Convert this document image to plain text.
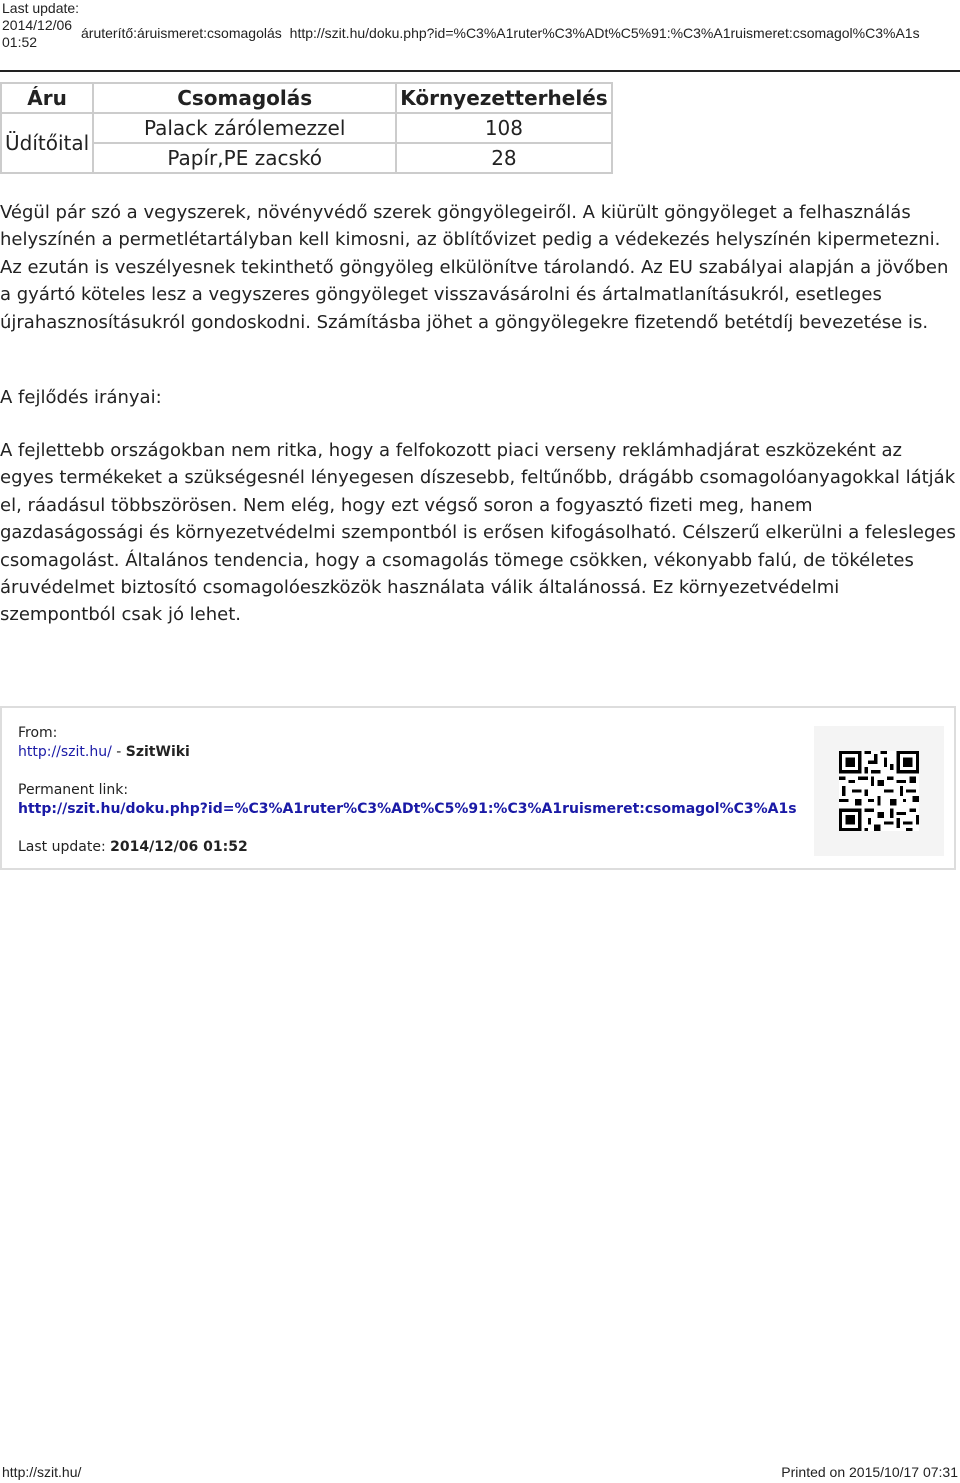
Last update:
2014/12/06
01:52
áruterítő:áruismeret:csomagolás http://szit.hu/doku.php?id=%C3%A1ruter%C3%ADt%C5%91:%C3%A1ruismeret:csomagol%C3%A1s
Áru	Csomagolás	Környezetterhelés
Üdítőital	Palack zárólemezzel	108
	Papír,PE zacskó	28

Végül pár szó a vegyszerek, növényvédő szerek göngyölegeiről. A kiürült göngyöleget a felhasználás helyszínén a permetlétartályban kell kimosni, az öblítővizet pedig a védekezés helyszínén kipermetezni. Az ezután is veszélyesnek tekinthető göngyöleg elkülönítve tárolandó. Az EU szabályai alapján a jövőben a gyártó köteles lesz a vegyszeres göngyöleget visszavásárolni és ártalmatlanításukról, esetleges újrahasznosításukról gondoskodni. Számításba jöhet a göngyölegekre fizetendő betétdíj bevezetése is.

A fejlődés irányai:

A fejlettebb országokban nem ritka, hogy a felfokozott piaci verseny reklámhadjárat eszközeként az egyes termékeket a szükségesnél lényegesen díszesebb, feltűnőbb, drágább csomagolóanyagokkal látják el, ráadásul többszörösen. Nem elég, hogy ezt végső soron a fogyasztó fizeti meg, hanem gazdaságossági és környezetvédelmi szempontból is erősen kifogásolható. Célszerű elkerülni a felesleges csomagolást. Általános tendencia, hogy a csomagolás tömege csökken, vékonyabb falú, de tökéletes áruvédelmet biztosító csomagolóeszközök használata válik általánossá. Ez környezetvédelmi szempontból csak jó lehet.

From:
http://szit.hu/ - SzitWiki
Permanent link:
http://szit.hu/doku.php?id=%C3%A1ruter%C3%ADt%C5%91:%C3%A1ruismeret:csomagol%C3%A1s
Last update: 2014/12/06 01:52
http://szit.hu/	Printed on 2015/10/17 07:31
